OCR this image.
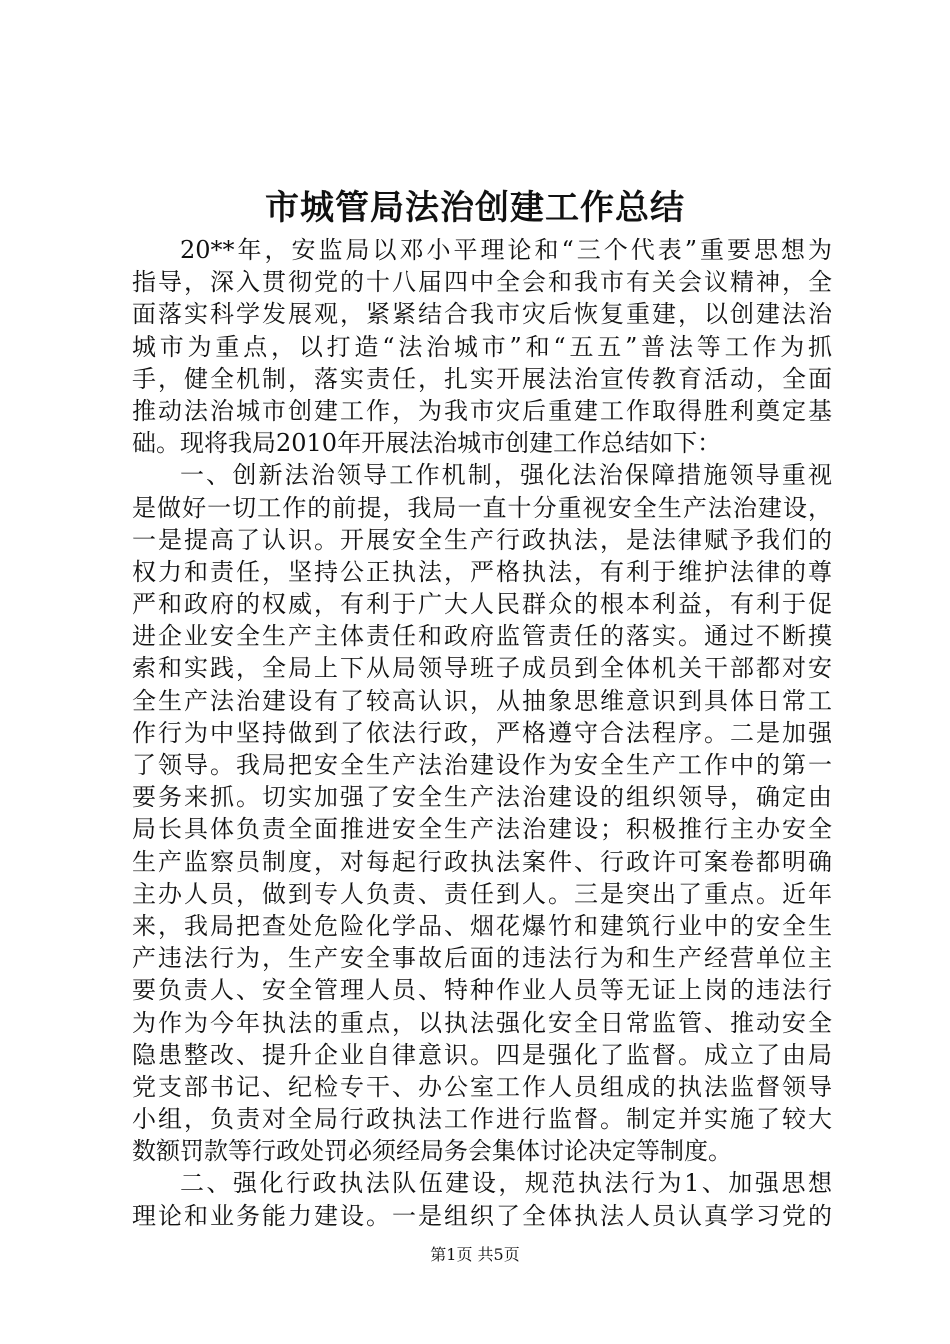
市城管局法治创建工作总结
20**年，安监局以邓小平理论和“三个代表”重要思想为
指导，深入贯彻党的十八届四中全会和我市有关会议精神，全
面落实科学发展观，紧紧结合我市灾后恢复重建，以创建法治
城市为重点，以打造“法治城市”和“五五”普法等工作为抓
手，健全机制，落实责任，扎实开展法治宣传教育活动，全面
推动法治城市创建工作，为我市灾后重建工作取得胜利奠定基
础。现将我局2010年开展法治城市创建工作总结如下：
一、创新法治领导工作机制，强化法治保障措施领导重视
是做好一切工作的前提，我局一直十分重视安全生产法治建设，
一是提高了认识。开展安全生产行政执法，是法律赋予我们的
权力和责任，坚持公正执法，严格执法，有利于维护法律的尊
严和政府的权威，有利于广大人民群众的根本利益，有利于促
进企业安全生产主体责任和政府监管责任的落实。通过不断摸
索和实践，全局上下从局领导班子成员到全体机关干部都对安
全生产法治建设有了较高认识，从抽象思维意识到具体日常工
作行为中坚持做到了依法行政，严格遵守合法程序。二是加强
了领导。我局把安全生产法治建设作为安全生产工作中的第一
要务来抓。切实加强了安全生产法治建设的组织领导，确定由
局长具体负责全面推进安全生产法治建设；积极推行主办安全
生产监察员制度，对每起行政执法案件、行政许可案卷都明确
主办人员，做到专人负责、责任到人。三是突出了重点。近年
来，我局把查处危险化学品、烟花爆竹和建筑行业中的安全生
产违法行为，生产安全事故后面的违法行为和生产经营单位主
要负责人、安全管理人员、特种作业人员等无证上岗的违法行
为作为今年执法的重点，以执法强化安全日常监管、推动安全
隐患整改、提升企业自律意识。四是强化了监督。成立了由局
党支部书记、纪检专干、办公室工作人员组成的执法监督领导
小组，负责对全局行政执法工作进行监督。制定并实施了较大
数额罚款等行政处罚必须经局务会集体讨论决定等制度。
二、强化行政执法队伍建设，规范执法行为1、加强思想
理论和业务能力建设。一是组织了全体执法人员认真学习党的
第1页 共5页
